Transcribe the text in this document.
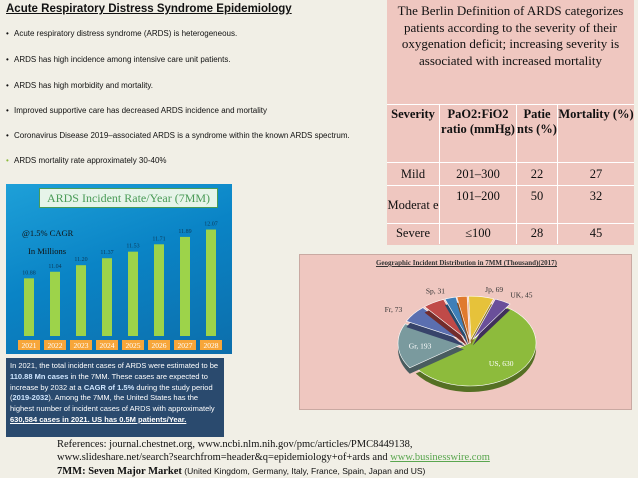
Acute Respiratory Distress Syndrome Epidemiology
• Acute respiratory distress syndrome (ARDS) is heterogeneous.
• ARDS has high incidence among intensive care unit patients.
• ARDS has high morbidity and mortality.
• Improved supportive care has decreased ARDS incidence and mortality
• Coronavirus Disease 2019–associated ARDS is a syndrome within the known ARDS spectrum.
• ARDS mortality rate approximately 30-40%
The Berlin Definition of ARDS categorizes patients according to the severity of their oxygenation deficit; increasing severity is associated with increased mortality
Severity	PaO2:FiO2 ratio (mmHg)	Patie nts (%)	Mortality (%)
Mild	201–300	22	27
Moderat e	101–200	50	32
Severe	≤100	28	45
10.88
2021
11.04
2022
11.20
2023
11.37
2024
11.53
2025
11.71
2026
11.89
2027
12.07
2028
ARDS Incident Rate/Year (7MM)
@1.5% CAGR
In Millions
In 2021, the total incident cases of ARDS were estimated to be 110.88 Mn cases in the 7MM. These cases are expected to increase by 2032 at a CAGR of 1.5% during the study period (2019-2032). Among the 7MM, the United States has the highest number of incident cases of ARDS with approximately 630,584 cases in 2021. US has 0.5M patients/Year.
Geographic Incident Distribution in 7MM (Thousand)(2017)
US, 630
Gr, 193
Fr, 73
Sp, 31	Jp, 69
UK, 45
References: journal.chestnet.org, www.ncbi.nlm.nih.gov/pmc/articles/PMC8449138,
www.slideshare.net/search?searchfrom=header&q=epidemiology+of+ards and www.businesswire.com
7MM: Seven Major Market (United Kingdom, Germany, Italy, France, Spain, Japan and US)
